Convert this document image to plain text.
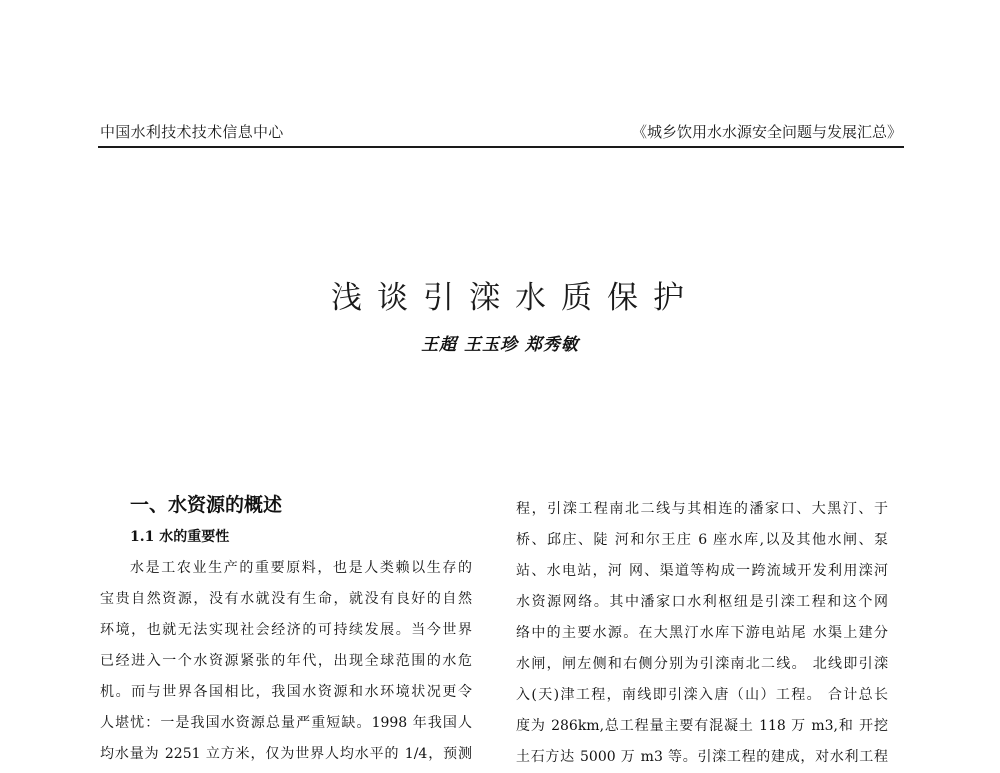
中国水利技术技术信息中心	《城乡饮用水水源安全问题与发展汇总》
浅谈引滦水质保护
王超 王玉珍 郑秀敏
一、水资源的概述
1.1 水的重要性
水是工农业生产的重要原料，也是人类赖以生存的
宝贵自然资源，没有水就没有生命，就没有良好的自然
环境，也就无法实现社会经济的可持续发展。当今世界
已经进入一个水资源紧张的年代，出现全球范围的水危
机。而与世界各国相比，我国水资源和水环境状况更令
人堪忧：一是我国水资源总量严重短缺。1998 年我国人
均水量为 2251 立方米，仅为世界人均水平的 1/4，预测
程，引滦工程南北二线与其相连的潘家口、大黑汀、于
桥、邱庄、陡 河和尔王庄 6 座水库,以及其他水闸、泵
站、水电站，河 网、渠道等构成一跨流域开发利用滦河
水资源网络。其中潘家口水利枢纽是引滦工程和这个网
络中的主要水源。在大黑汀水库下游电站尾 水渠上建分
水闸，闸左侧和右侧分别为引滦南北二线。 北线即引滦
入(天)津工程，南线即引滦入唐（山）工程。 合计总长
度为 286km,总工程量主要有混凝土 118 万 m3,和 开挖
土石方达 5000 万 m3 等。引滦工程的建成，对水利工程
